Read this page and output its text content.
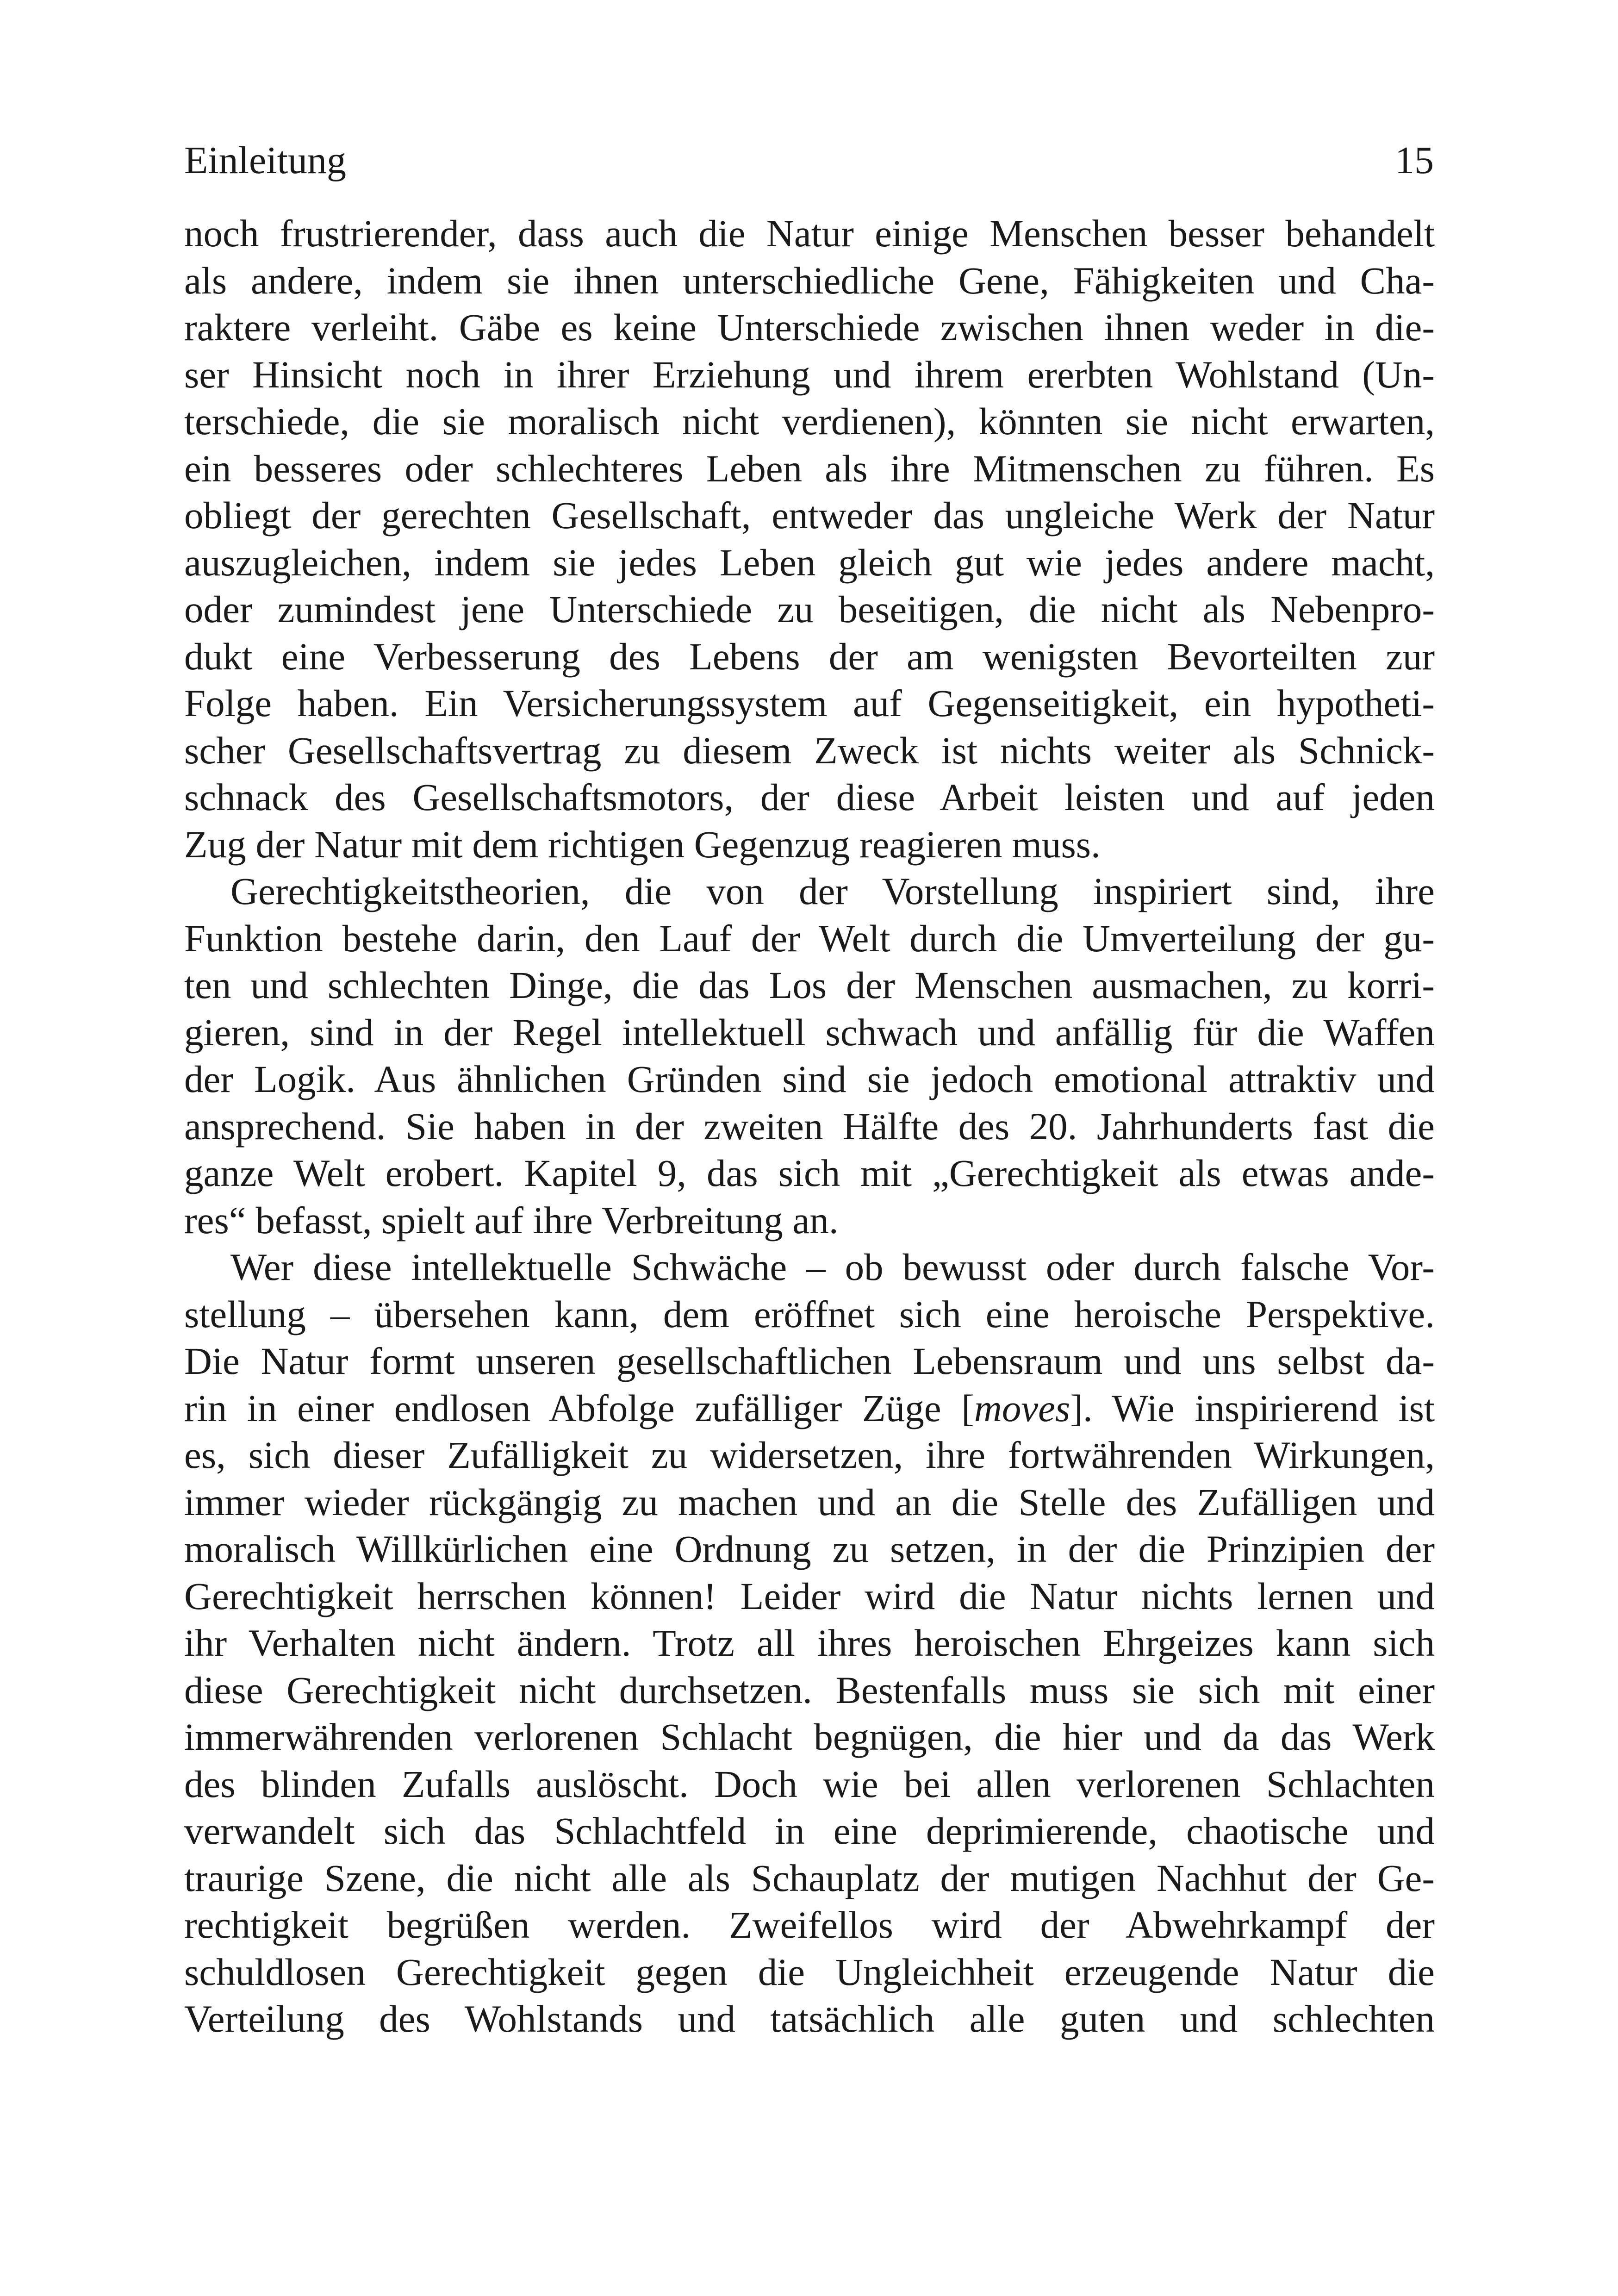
Einleitung	15
noch frustrierender, dass auch die Natur einige Menschen besser behandelt
als andere, indem sie ihnen unterschiedliche Gene, Fähigkeiten und Cha-
raktere verleiht. Gäbe es keine Unterschiede zwischen ihnen weder in die-
ser Hinsicht noch in ihrer Erziehung und ihrem ererbten Wohlstand (Un-
terschiede, die sie moralisch nicht verdienen), könnten sie nicht erwarten,
ein besseres oder schlechteres Leben als ihre Mitmenschen zu führen. Es
obliegt der gerechten Gesellschaft, entweder das ungleiche Werk der Natur
auszugleichen, indem sie jedes Leben gleich gut wie jedes andere macht,
oder zumindest jene Unterschiede zu beseitigen, die nicht als Nebenpro-
dukt eine Verbesserung des Lebens der am wenigsten Bevorteilten zur
Folge haben. Ein Versicherungssystem auf Gegenseitigkeit, ein hypotheti-
scher Gesellschaftsvertrag zu diesem Zweck ist nichts weiter als Schnick-
schnack des Gesellschaftsmotors, der diese Arbeit leisten und auf jeden
Zug der Natur mit dem richtigen Gegenzug reagieren muss.
Gerechtigkeitstheorien, die von der Vorstellung inspiriert sind, ihre
Funktion bestehe darin, den Lauf der Welt durch die Umverteilung der gu-
ten und schlechten Dinge, die das Los der Menschen ausmachen, zu korri-
gieren, sind in der Regel intellektuell schwach und anfällig für die Waffen
der Logik. Aus ähnlichen Gründen sind sie jedoch emotional attraktiv und
ansprechend. Sie haben in der zweiten Hälfte des 20. Jahrhunderts fast die
ganze Welt erobert. Kapitel 9, das sich mit „Gerechtigkeit als etwas ande-
res“ befasst, spielt auf ihre Verbreitung an.
Wer diese intellektuelle Schwäche – ob bewusst oder durch falsche Vor-
stellung – übersehen kann, dem eröffnet sich eine heroische Perspektive.
Die Natur formt unseren gesellschaftlichen Lebensraum und uns selbst da-
rin in einer endlosen Abfolge zufälliger Züge [moves]. Wie inspirierend ist
es, sich dieser Zufälligkeit zu widersetzen, ihre fortwährenden Wirkungen,
immer wieder rückgängig zu machen und an die Stelle des Zufälligen und
moralisch Willkürlichen eine Ordnung zu setzen, in der die Prinzipien der
Gerechtigkeit herrschen können! Leider wird die Natur nichts lernen und
ihr Verhalten nicht ändern. Trotz all ihres heroischen Ehrgeizes kann sich
diese Gerechtigkeit nicht durchsetzen. Bestenfalls muss sie sich mit einer
immerwährenden verlorenen Schlacht begnügen, die hier und da das Werk
des blinden Zufalls auslöscht. Doch wie bei allen verlorenen Schlachten
verwandelt sich das Schlachtfeld in eine deprimierende, chaotische und
traurige Szene, die nicht alle als Schauplatz der mutigen Nachhut der Ge-
rechtigkeit begrüßen werden. Zweifellos wird der Abwehrkampf der
schuldlosen Gerechtigkeit gegen die Ungleichheit erzeugende Natur die
Verteilung des Wohlstands und tatsächlich alle guten und schlechten
